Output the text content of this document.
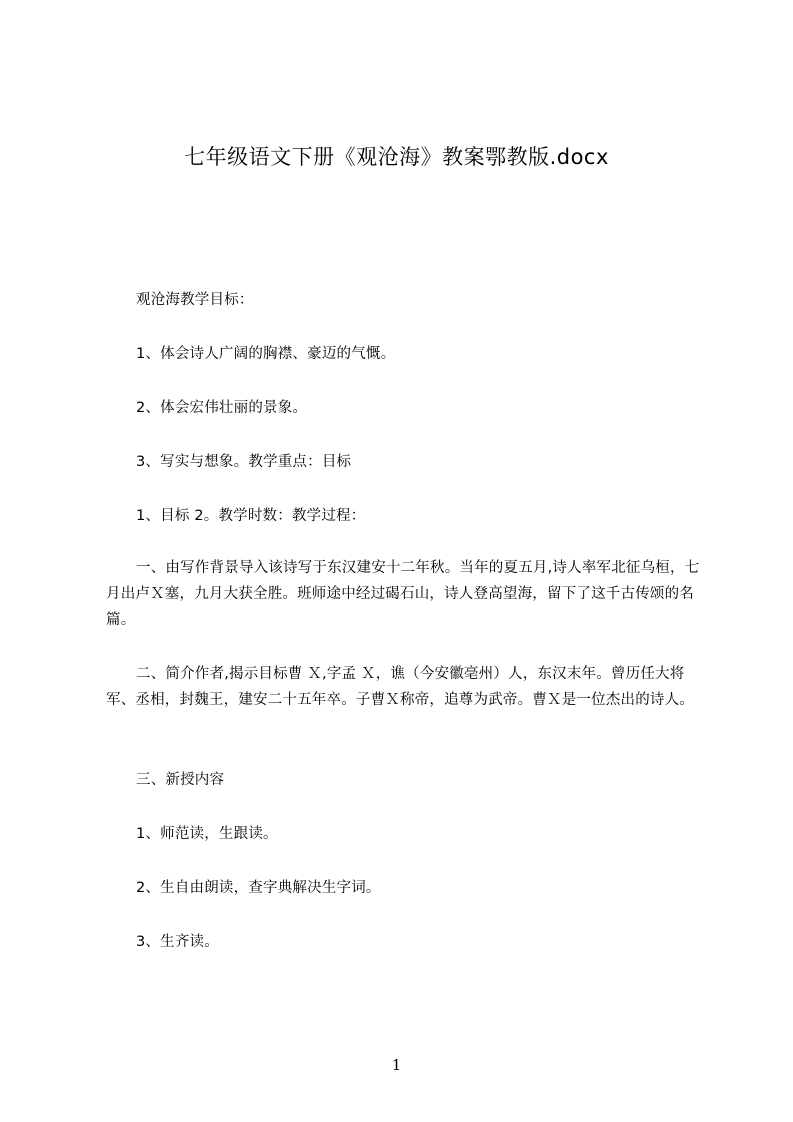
七年级语文下册《观沧海》教案鄂教版.docx

观沧海教学目标：

1、体会诗人广阔的胸襟、豪迈的气慨。

2、体会宏伟壮丽的景象。

3、写实与想象。教学重点：目标

1、目标 2。教学时数：教学过程：

一、由写作背景导入该诗写于东汉建安十二年秋。当年的夏五月,诗人率军北征乌桓，七月出卢Ｘ塞，九月大获全胜。班师途中经过碣石山，诗人登高望海，留下了这千古传颂的名篇。

二、简介作者,揭示目标曹 Ｘ,字孟 Ｘ，谯（今安徽亳州）人，东汉末年。曾历任大将军、丞相，封魏王，建安二十五年卒。子曹Ｘ称帝，追尊为武帝。曹Ｘ是一位杰出的诗人。

三、新授内容

1、师范读，生跟读。

2、生自由朗读，查字典解决生字词。

3、生齐读。

1
